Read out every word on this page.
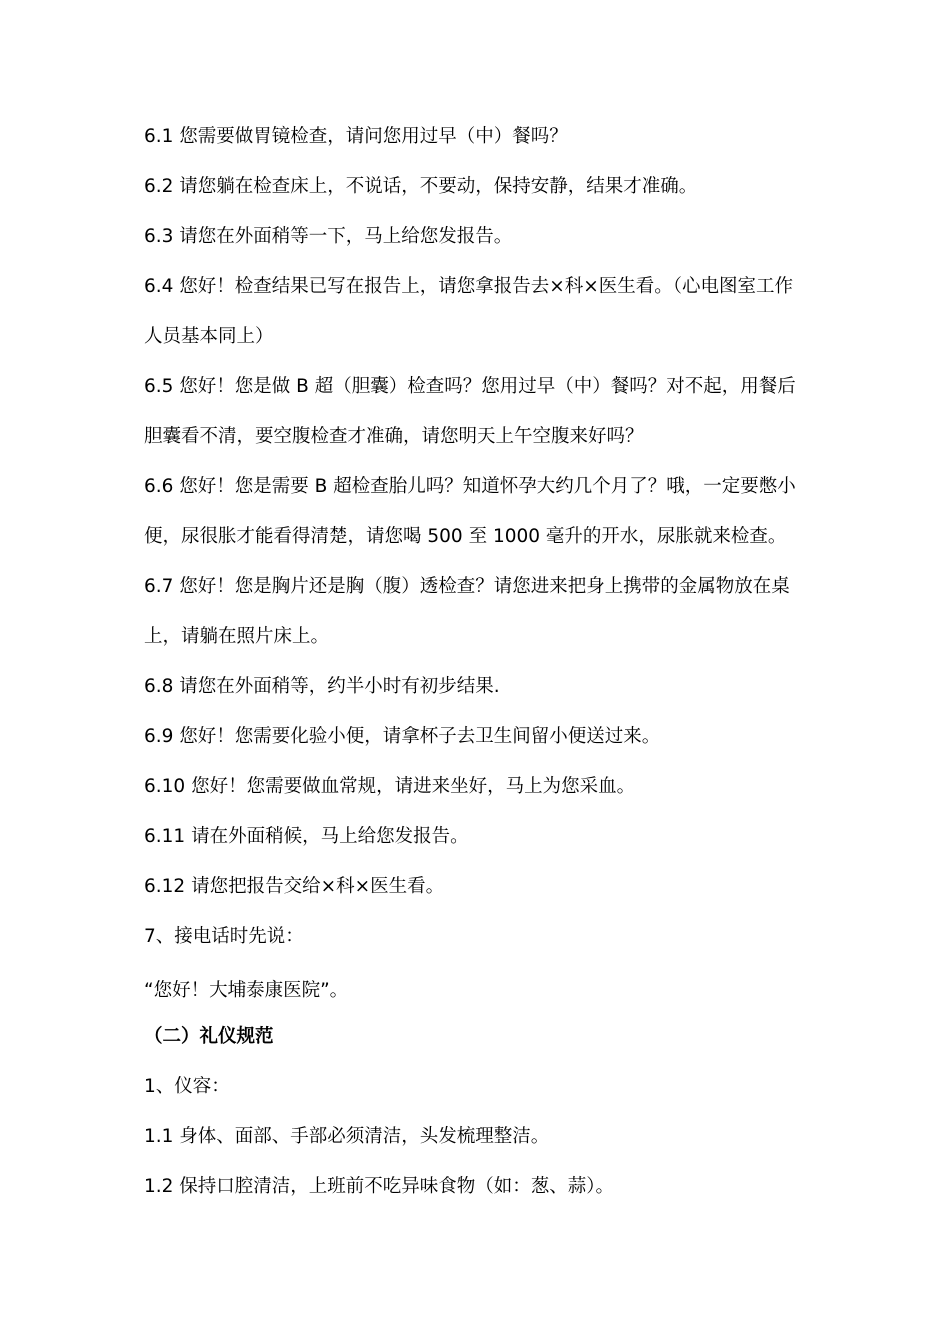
6.1 您需要做胃镜检查，请问您用过早（中）餐吗？

6.2 请您躺在检查床上，不说话，不要动，保持安静，结果才准确。

6.3 请您在外面稍等一下，马上给您发报告。

6.4 您好！检查结果已写在报告上，请您拿报告去×科×医生看。（心电图室工作人员基本同上）

6.5 您好！您是做 B 超（胆囊）检查吗？您用过早（中）餐吗？对不起，用餐后胆囊看不清，要空腹检查才准确，请您明天上午空腹来好吗？

6.6 您好！您是需要 B 超检查胎儿吗？知道怀孕大约几个月了？哦，一定要憋小便，尿很胀才能看得清楚，请您喝 500 至 1000 毫升的开水，尿胀就来检查。

6.7 您好！您是胸片还是胸（腹）透检查？请您进来把身上携带的金属物放在桌上，请躺在照片床上。

6.8 请您在外面稍等，约半小时有初步结果.

6.9 您好！您需要化验小便，请拿杯子去卫生间留小便送过来。

6.10 您好！您需要做血常规，请进来坐好，马上为您采血。

6.11 请在外面稍候，马上给您发报告。

6.12 请您把报告交给×科×医生看。

7、接电话时先说：

“您好！大埔泰康医院”。

（二）礼仪规范

1、仪容：

1.1 身体、面部、手部必须清洁，头发梳理整洁。

1.2 保持口腔清洁，上班前不吃异味食物（如：葱、蒜）。
